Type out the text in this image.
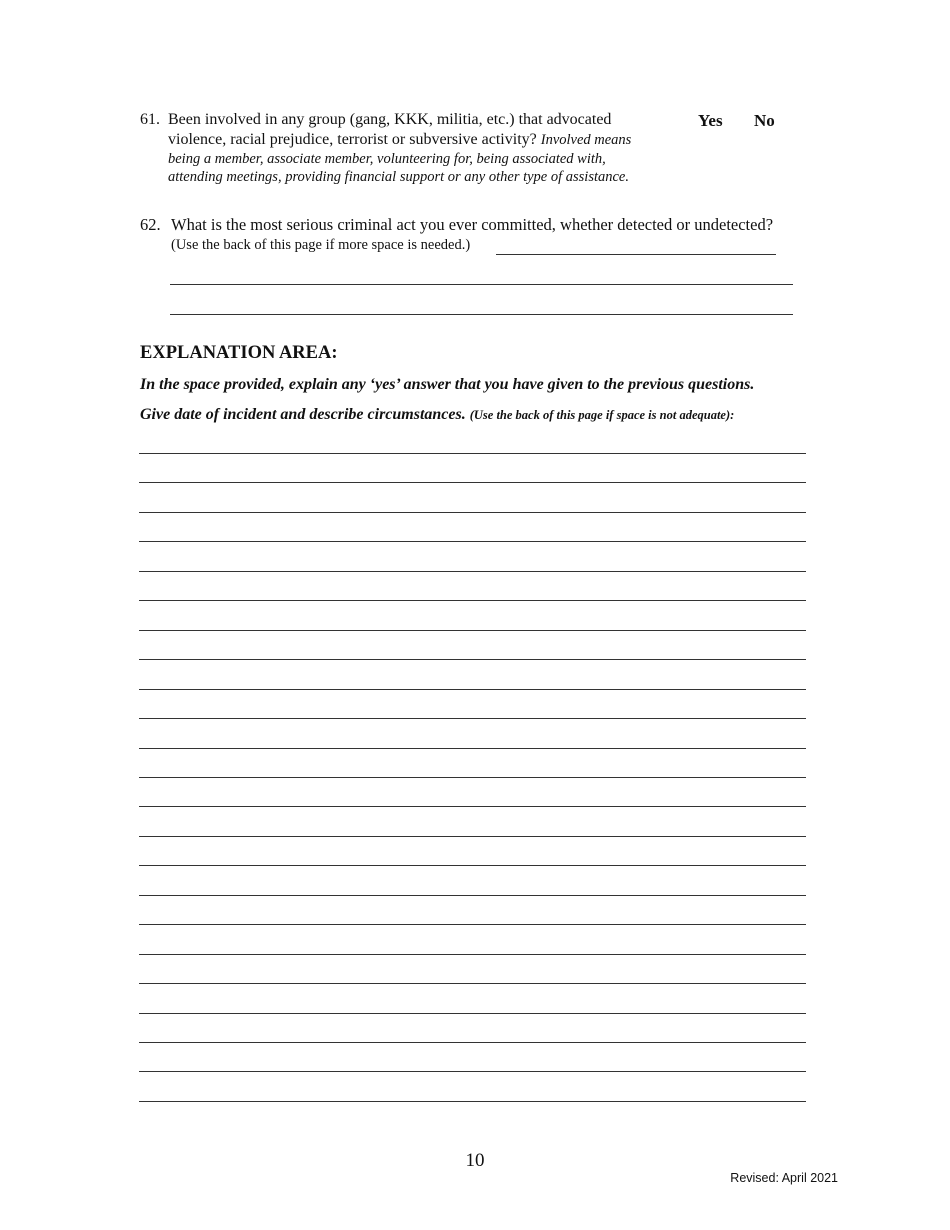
61. Been involved in any group (gang, KKK, militia, etc.) that advocated
violence, racial prejudice, terrorist or subversive activity? Involved means
being a member, associate member, volunteering for, being associated with,
attending meetings, providing financial support or any other type of assistance.
Yes No
62. What is the most serious criminal act you ever committed, whether detected or undetected?
(Use the back of this page if more space is needed.)
EXPLANATION AREA:
In the space provided, explain any ‘yes’ answer that you have given to the previous questions.
Give date of incident and describe circumstances. (Use the back of this page if space is not adequate):
10
Revised: April 2021
